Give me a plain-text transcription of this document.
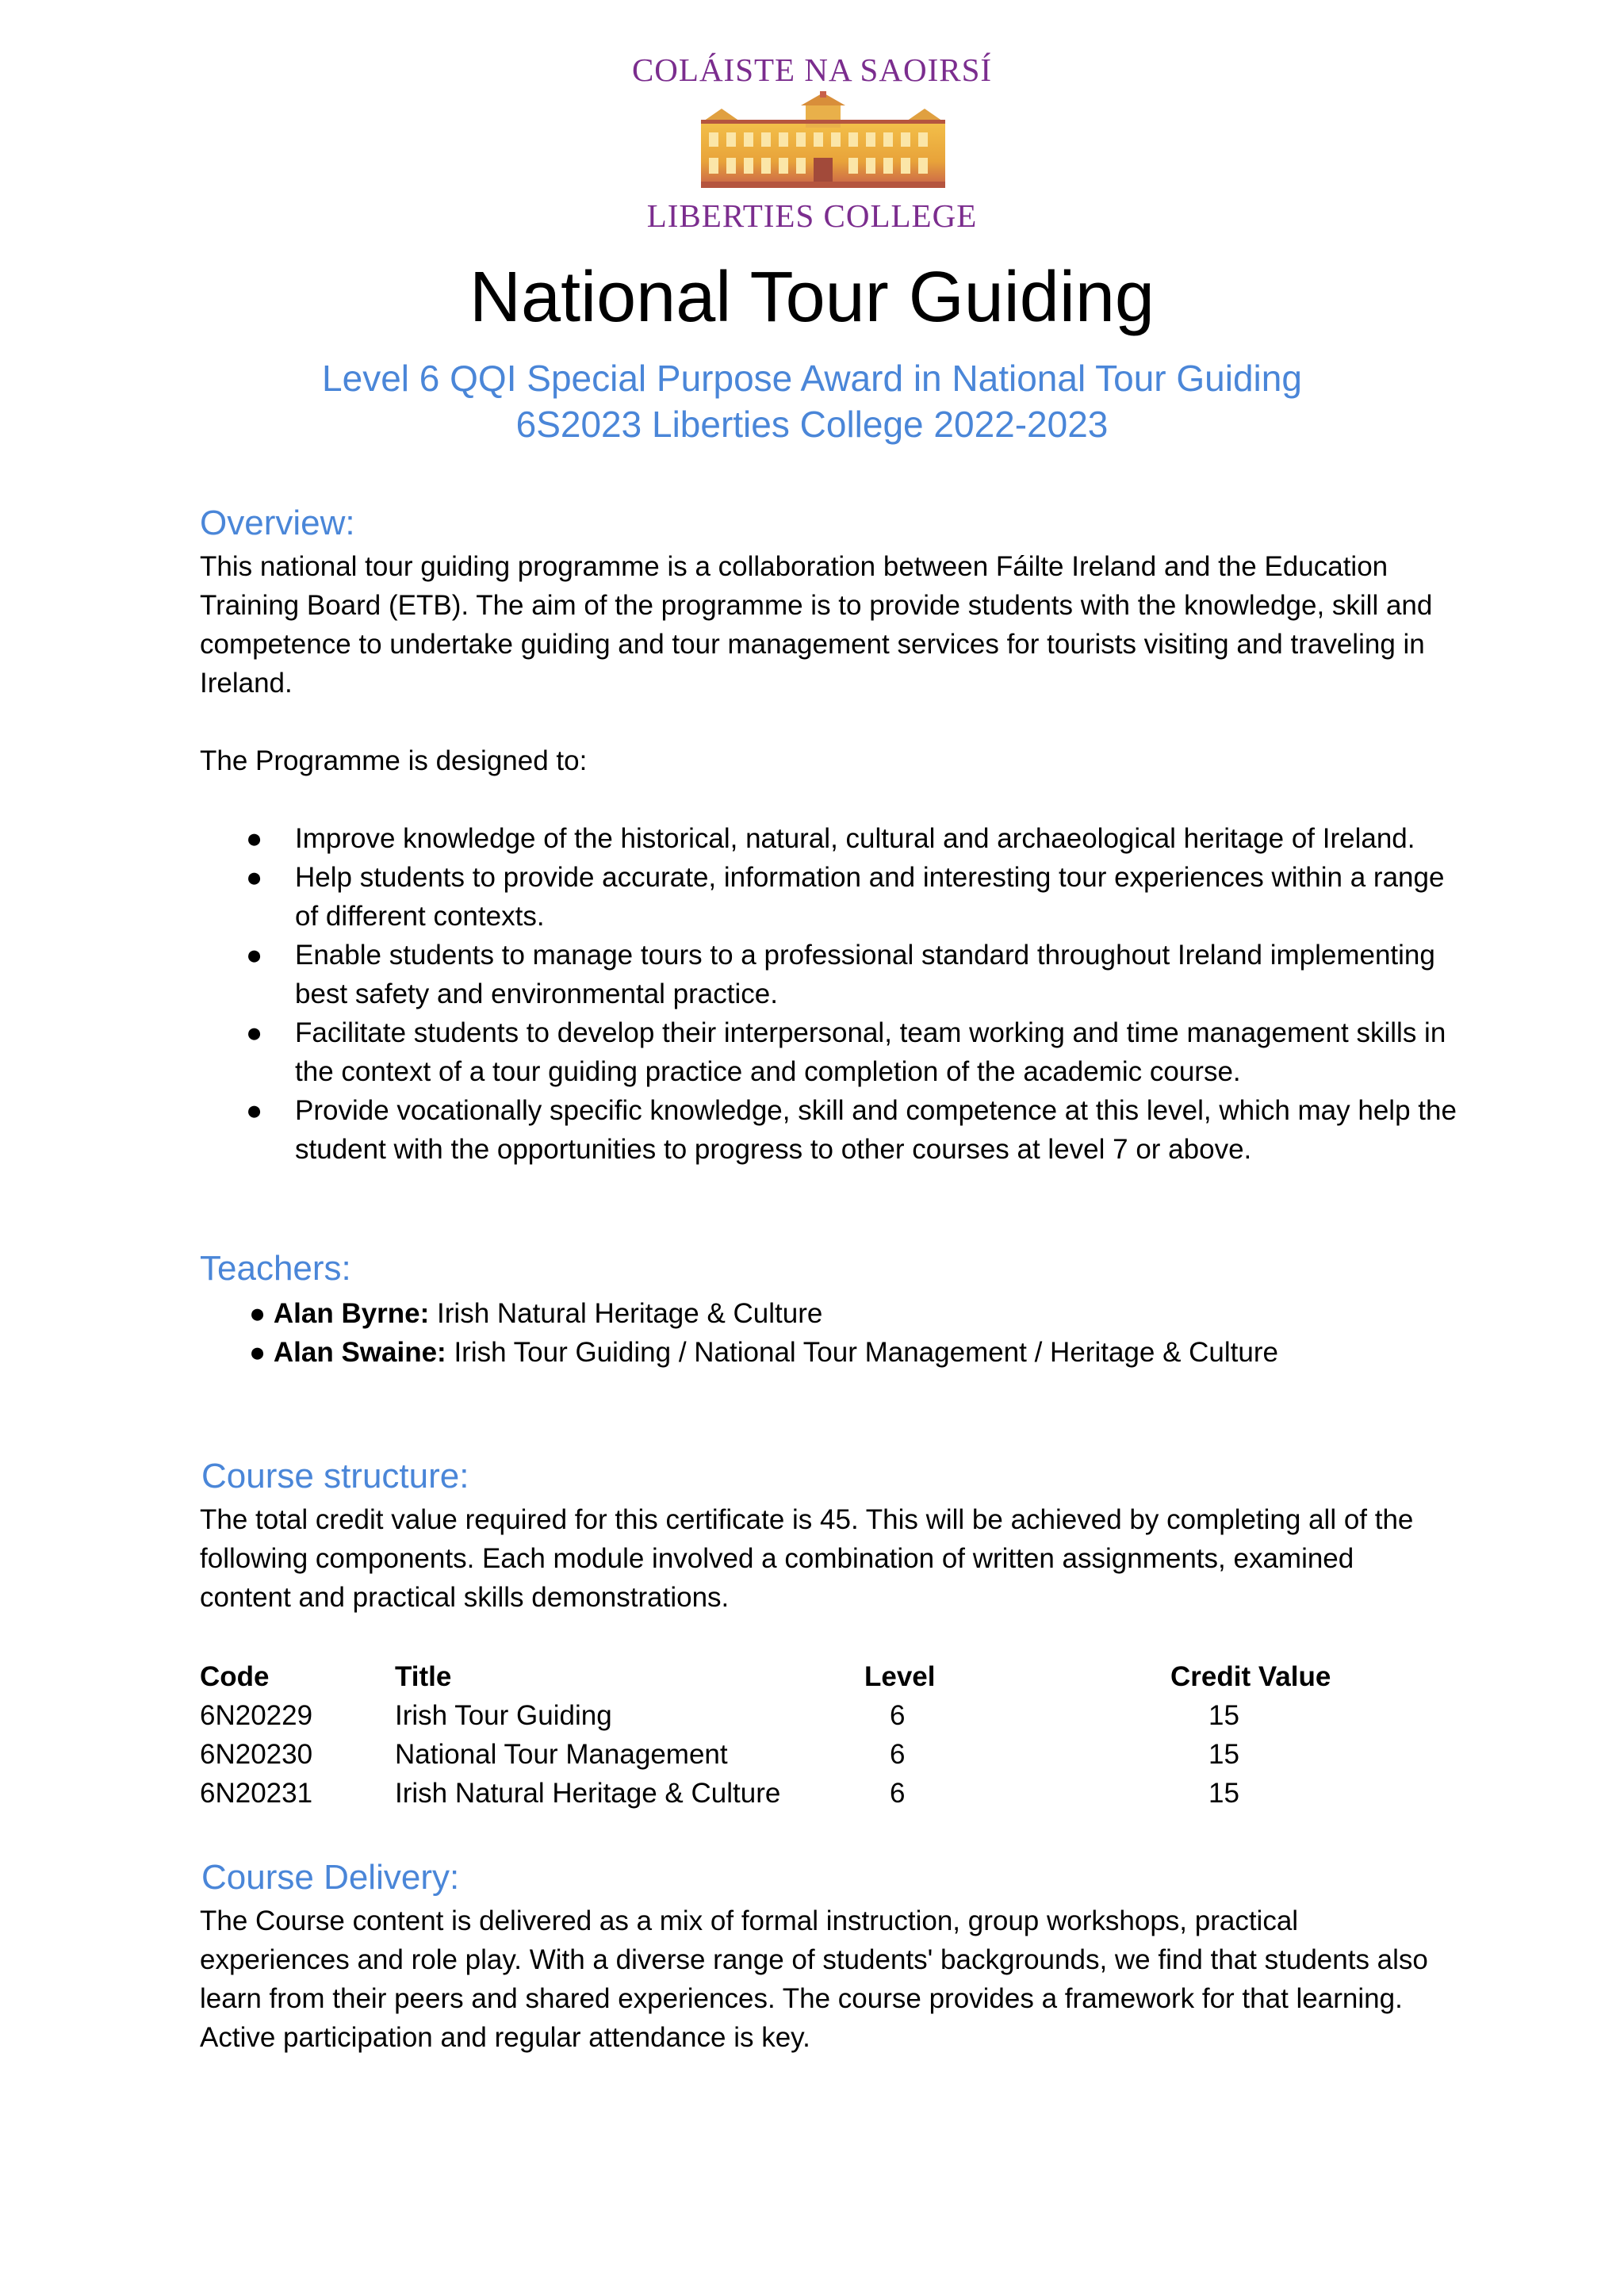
COLÁISTE NA SAOIRSÍ
LIBERTIES COLLEGE
National Tour Guiding
Level 6 QQI Special Purpose Award in National Tour Guiding
6S2023 Liberties College 2022-2023
Overview:

This national tour guiding programme is a collaboration between Fáilte Ireland and the Education Training Board (ETB). The aim of the programme is to provide students with the knowledge, skill and competence to undertake guiding and tour management services for tourists visiting and traveling in Ireland.

The Programme is designed to:
● Improve knowledge of the historical, natural, cultural and archaeological heritage of Ireland.
● Help students to provide accurate, information and interesting tour experiences within a range of different contexts.
● Enable students to manage tours to a professional standard throughout Ireland implementing best safety and environmental practice.
● Facilitate students to develop their interpersonal, team working and time management skills in the context of a tour guiding practice and completion of the academic course.
● Provide vocationally specific knowledge, skill and competence at this level, which may help the student with the opportunities to progress to other courses at level 7 or above.
Teachers:
● Alan Byrne: Irish Natural Heritage & Culture
● Alan Swaine: Irish Tour Guiding / National Tour Management / Heritage & Culture
Course structure:
The total credit value required for this certificate is 45. This will be achieved by completing all of the following components. Each module involved a combination of written assignments, examined content and practical skills demonstrations.
Code	Title	Level	Credit Value
6N20229	Irish Tour Guiding	6	15
6N20230	National Tour Management	6	15
6N20231	Irish Natural Heritage & Culture	6	15
Course Delivery:
The Course content is delivered as a mix of formal instruction, group workshops, practical experiences and role play. With a diverse range of students' backgrounds, we find that students also learn from their peers and shared experiences. The course provides a framework for that learning. Active participation and regular attendance is key.
